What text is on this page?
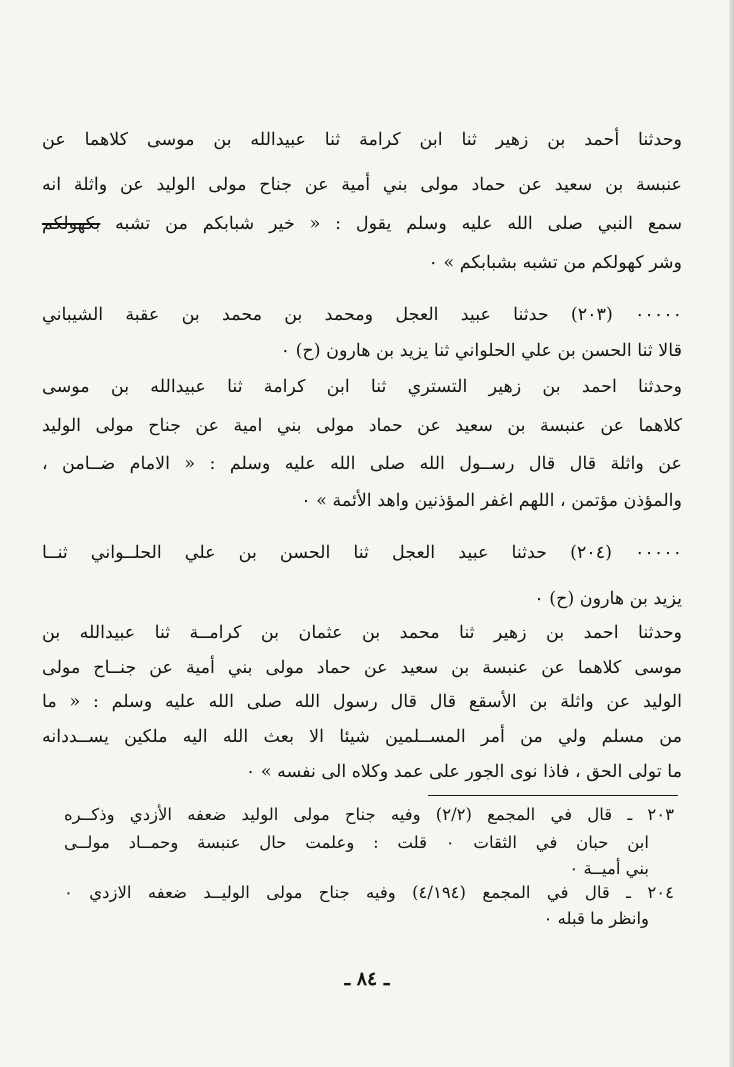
وحدثنا أحمد بن زهير ثنا ابن كرامة ثنا عبيدالله بن موسى كلاهما عن
عنبسة بن سعيد عن حماد مولى بني أمية عن جناح مولى الوليد عن واثلة انه
سمع النبي صلى الله عليه وسلم يقول : « خير شبابكم من تشبه بكهولكم
وشر كهولكم من تشبه بشبابكم » ٠
٠٠٠٠٠ (٢٠٣) حدثنا عبيد العجل ومحمد بن محمد بن عقبة الشيباني
قالا ثنا الحسن بن علي الحلواني ثنا يزيد بن هارون (ح) ٠
وحدثنا احمد بن زهير التستري ثنا ابن كرامة ثنا عبيدالله بن موسى
كلاهما عن عنبسة بن سعيد عن حماد مولى بني امية عن جناح مولى الوليد
عن واثلة قال قال رســول الله صلى الله عليه وسلم : « الامام ضــامن ،
والمؤذن مؤتمن ، اللهم اغفر المؤذنين واهد الأئمة » ٠
٠٠٠٠٠ (٢٠٤) حدثنا عبيد العجل ثنا الحسن بن علي الحلــواني ثنــا
يزيد بن هارون (ح) ٠
وحدثنا احمد بن زهير ثنا محمد بن عثمان بن كرامــة ثنا عبيدالله بن
موسى كلاهما عن عنبسة بن سعيد عن حماد مولى بني أمية عن جنــاح مولى
الوليد عن واثلة بن الأسقع قال قال رسول الله صلى الله عليه وسلم : « ما
من مسلم ولي من أمر المســلمين شيئا الا بعث الله اليه ملكين يســددانه
ما تولى الحق ، فاذا نوى الجور على عمد وكلاه الى نفسه » ٠
٢٠٣ ـ قال في المجمع (٢/٢) وفيه جناح مولى الوليد ضعفه الأزدي وذكــره
ابن حبان في الثقات ٠ قلت : وعلمت حال عنبسة وحمــاد مولــى
بني أميــة ٠
٢٠٤ ـ قال في المجمع (٤/١٩٤) وفيه جناح مولى الوليــد ضعفه الازدي ٠
وانظر ما قبله ٠
ـ ٨٤ ـ
